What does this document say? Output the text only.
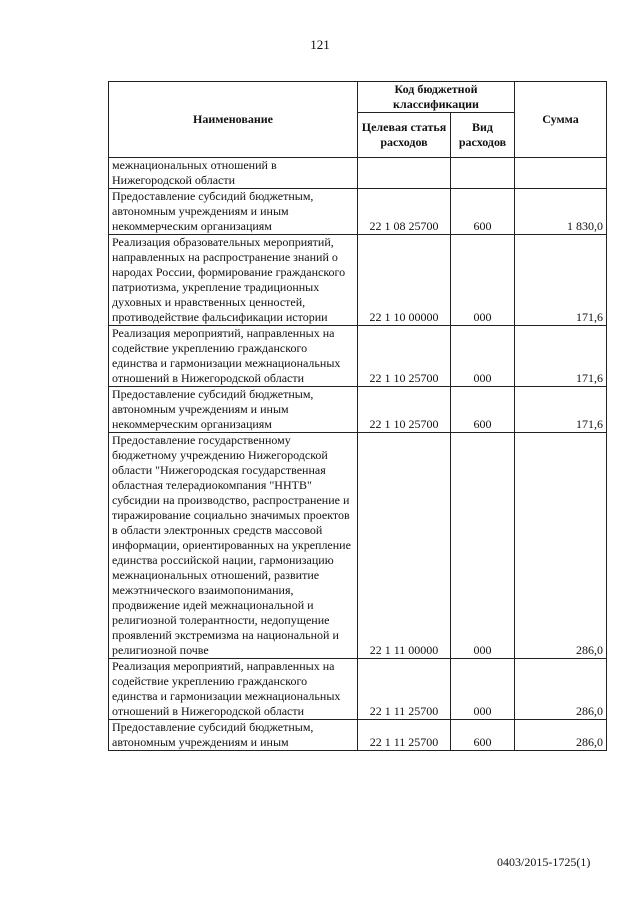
121
Наименование	Код бюджетной классификации		Сумма
	Целевая статья расходов	Вид расходов	
межнациональных отношений в Нижегородской области			
Предоставление субсидий бюджетным, автономным учреждениям и иным некоммерческим организациям	22 1 08 25700	600	1 830,0
Реализация образовательных мероприятий, направленных на распространение знаний о народах России, формирование гражданского патриотизма, укрепление традиционных духовных и нравственных ценностей, противодействие фальсификации истории	22 1 10 00000	000	171,6
Реализация мероприятий, направленных на содействие укреплению гражданского единства и гармонизации межнациональных отношений в Нижегородской области	22 1 10 25700	000	171,6
Предоставление субсидий бюджетным, автономным учреждениям и иным некоммерческим организациям	22 1 10 25700	600	171,6
Предоставление государственному бюджетному учреждению Нижегородской области "Нижегородская государственная областная телерадиокомпания "ННТВ" субсидии на производство, распространение и тиражирование социально значимых проектов в области электронных средств массовой информации, ориентированных на укрепление единства российской нации, гармонизацию межнациональных отношений, развитие межэтнического взаимопонимания, продвижение идей межнациональной и религиозной толерантности, недопущение проявлений экстремизма на национальной и религиозной почве	22 1 11 00000	000	286,0
Реализация мероприятий, направленных на содействие укреплению гражданского единства и гармонизации межнациональных отношений в Нижегородской области	22 1 11 25700	000	286,0
Предоставление субсидий бюджетным, автономным учреждениям и иным	22 1 11 25700	600	286,0
0403/2015-1725(1)
